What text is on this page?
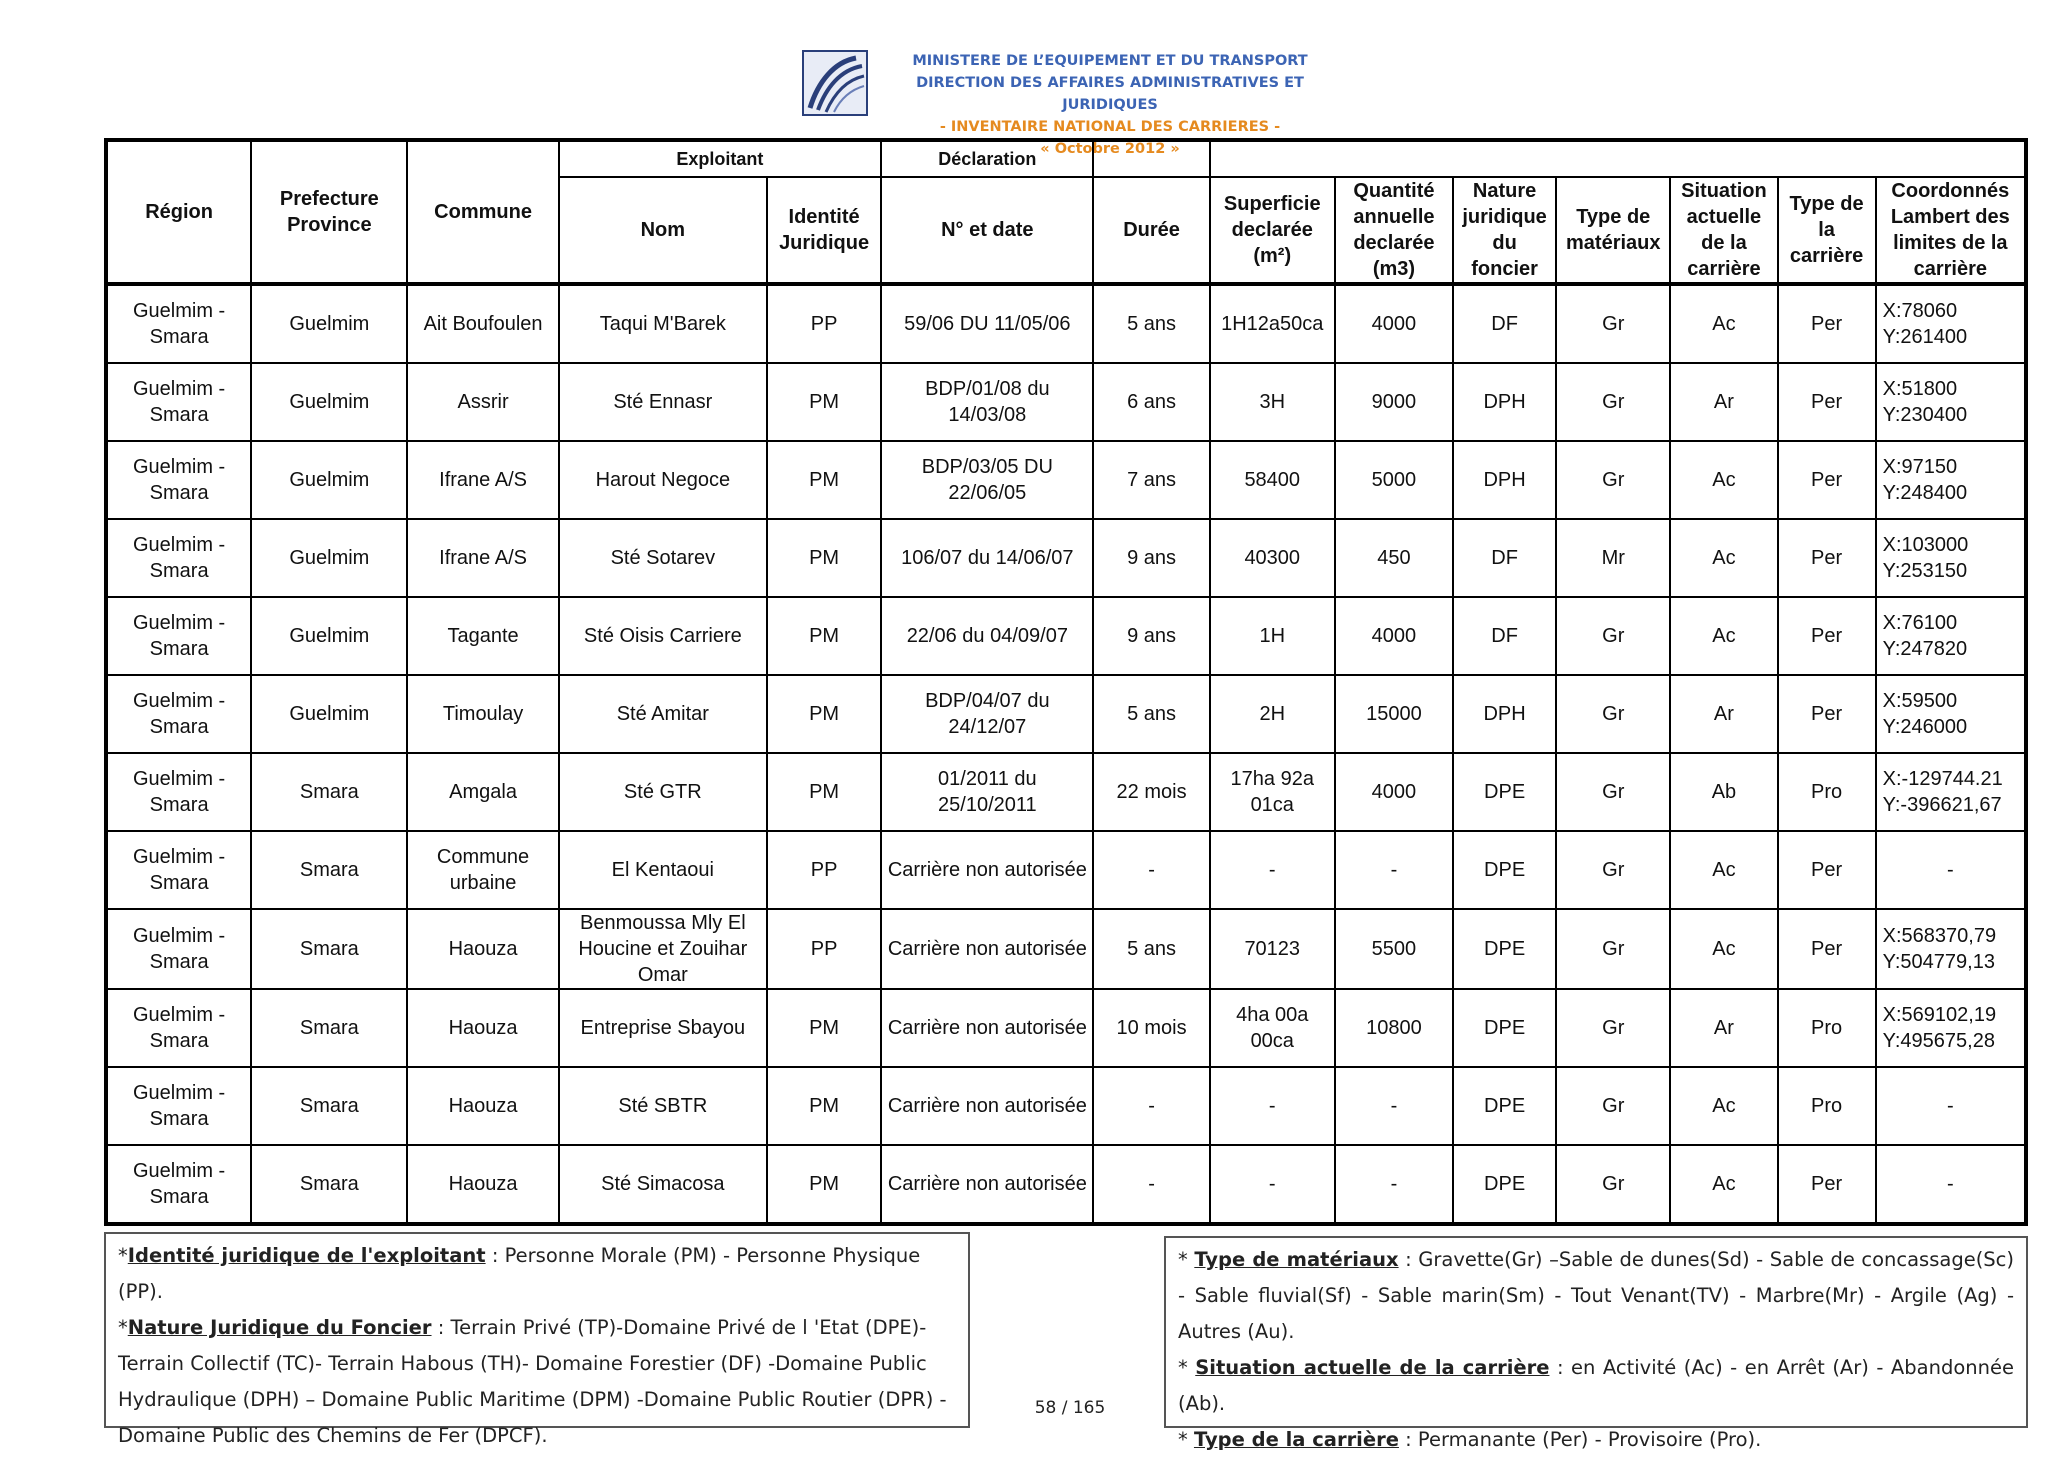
MINISTERE DE L’EQUIPEMENT ET DU TRANSPORT
DIRECTION DES AFFAIRES ADMINISTRATIVES ET JURIDIQUES
- INVENTAIRE NATIONAL DES CARRIERES -
« Octobre 2012 »
Région	Prefecture Province	Commune	Exploitant		Déclaration								
			Nom	Identité Juridique	N° et date	Durée	Superficie declarée (m²)	Quantité annuelle declarée (m3)	Nature juridique du foncier	Type de matériaux	Situation actuelle de la carrière	Type de la carrière	Coordonnés Lambert des limites de la carrière
Guelmim - Smara	Guelmim	Ait Boufoulen	Taqui M'Barek	PP	59/06 DU 11/05/06	5 ans	1H12a50ca	4000	DF	Gr	Ac	Per	X:78060 Y:261400
Guelmim - Smara	Guelmim	Assrir	Sté Ennasr	PM	BDP/01/08 du 14/03/08	6 ans	3H	9000	DPH	Gr	Ar	Per	X:51800 Y:230400
Guelmim - Smara	Guelmim	Ifrane A/S	Harout Negoce	PM	BDP/03/05 DU 22/06/05	7 ans	58400	5000	DPH	Gr	Ac	Per	X:97150 Y:248400
Guelmim - Smara	Guelmim	Ifrane A/S	Sté Sotarev	PM	106/07 du 14/06/07	9 ans	40300	450	DF	Mr	Ac	Per	X:103000 Y:253150
Guelmim - Smara	Guelmim	Tagante	Sté Oisis Carriere	PM	22/06 du 04/09/07	9 ans	1H	4000	DF	Gr	Ac	Per	X:76100 Y:247820
Guelmim - Smara	Guelmim	Timoulay	Sté Amitar	PM	BDP/04/07 du 24/12/07	5 ans	2H	15000	DPH	Gr	Ar	Per	X:59500 Y:246000
Guelmim - Smara	Smara	Amgala	Sté GTR	PM	01/2011 du 25/10/2011	22 mois	17ha 92a 01ca	4000	DPE	Gr	Ab	Pro	X:-129744.21 Y:-396621,67
Guelmim - Smara	Smara	Commune urbaine	El Kentaoui	PP	Carrière non autorisée	-	-	-	DPE	Gr	Ac	Per	-
Guelmim - Smara	Smara	Haouza	Benmoussa Mly El Houcine et Zouihar Omar	PP	Carrière non autorisée	5 ans	70123	5500	DPE	Gr	Ac	Per	X:568370,79 Y:504779,13
Guelmim - Smara	Smara	Haouza	Entreprise Sbayou	PM	Carrière non autorisée	10 mois	4ha 00a 00ca	10800	DPE	Gr	Ar	Pro	X:569102,19 Y:495675,28
Guelmim - Smara	Smara	Haouza	Sté SBTR	PM	Carrière non autorisée	-	-	-	DPE	Gr	Ac	Pro	-
Guelmim - Smara	Smara	Haouza	Sté Simacosa	PM	Carrière non autorisée	-	-	-	DPE	Gr	Ac	Per	-

*Identité juridique de l'exploitant : Personne Morale (PM) - Personne Physique (PP).

*Nature Juridique du Foncier : Terrain Privé (TP)-Domaine Privé de l 'Etat (DPE)-Terrain Collectif (TC)- Terrain Habous (TH)- Domaine Forestier (DF) -Domaine Public Hydraulique (DPH) – Domaine Public Maritime (DPM) -Domaine Public Routier (DPR) -Domaine Public des Chemins de Fer (DPCF).

* Type de matériaux : Gravette(Gr) –Sable de dunes(Sd) - Sable de concassage(Sc) - Sable fluvial(Sf) - Sable marin(Sm) - Tout Venant(TV) - Marbre(Mr) - Argile (Ag) - Autres (Au).

* Situation actuelle de la carrière : en Activité (Ac) - en Arrêt (Ar) - Abandonnée (Ab).

* Type de la carrière : Permanante (Per) - Provisoire (Pro).

58 / 165
